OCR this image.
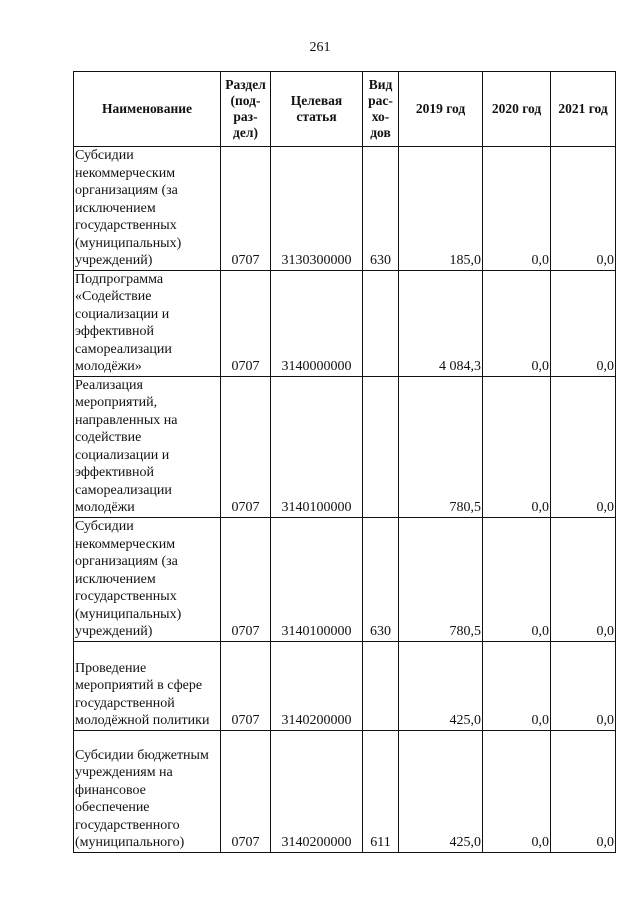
261
Наименование	Раздел (под-раз-дел)	Целевая статья	Вид рас-хо-дов	2019 год	2020 год	2021 год
Субсидии некоммерческим организациям (за исключением государственных (муниципальных) учреждений)	0707	3130300000	630	185,0	0,0	0,0
Подпрограмма «Содействие социализации и эффективной самореализации молодёжи»	0707	3140000000		4 084,3	0,0	0,0
Реализация мероприятий, направленных на содействие социализации и эффективной самореализации молодёжи	0707	3140100000		780,5	0,0	0,0
Субсидии некоммерческим организациям (за исключением государственных (муниципальных) учреждений)	0707	3140100000	630	780,5	0,0	0,0
Проведение мероприятий в сфере государственной молодёжной политики	0707	3140200000		425,0	0,0	0,0
Субсидии бюджетным учреждениям на финансовое обеспечение государственного (муниципального)	0707	3140200000	611	425,0	0,0	0,0
